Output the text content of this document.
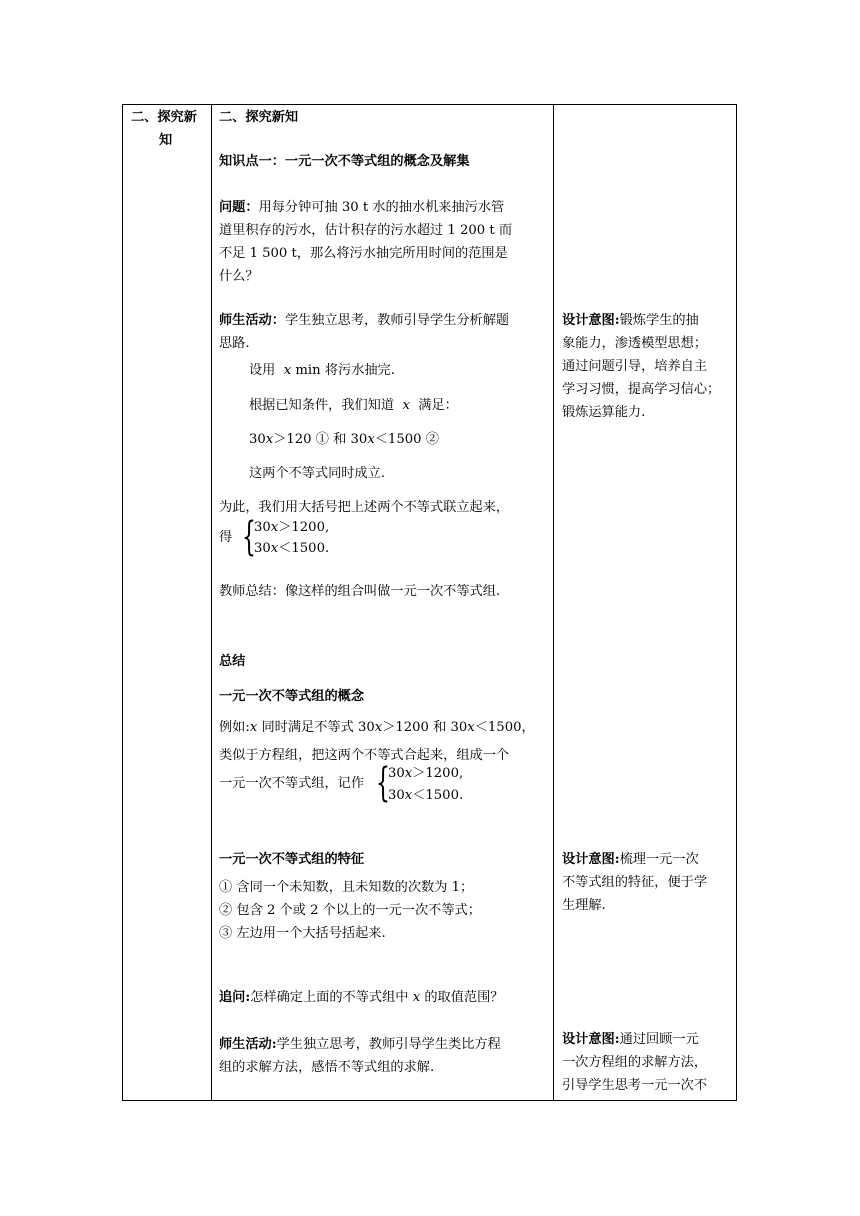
二、探究新
知
二、探究新知
知识点一：一元一次不等式组的概念及解集
问题：用每分钟可抽 30 t 水的抽水机来抽污水管
道里积存的污水，估计积存的污水超过 1 200 t 而
不足 1 500 t，那么将污水抽完所用时间的范围是
什么？
师生活动：学生独立思考，教师引导学生分析解题
思路.
设用 x min 将污水抽完.
根据已知条件，我们知道 x 满足：
30x＞120 ① 和 30x＜1500 ②
这两个不等式同时成立.
为此，我们用大括号把上述两个不等式联立起来，
得 {
30x＞1200,
30x＜1500.
教师总结：像这样的组合叫做一元一次不等式组.
总结
一元一次不等式组的概念
例如:x 同时满足不等式 30x＞1200 和 30x＜1500，
类似于方程组，把这两个不等式合起来，组成一个
一元一次不等式组，记作 {
30x＞1200,
30x＜1500.
一元一次不等式组的特征
① 含同一个未知数，且未知数的次数为 1；
② 包含 2 个或 2 个以上的一元一次不等式；
③ 左边用一个大括号括起来.
追问:怎样确定上面的不等式组中 x 的取值范围？
师生活动:学生独立思考，教师引导学生类比方程
组的求解方法，感悟不等式组的求解.
设计意图:锻炼学生的抽
象能力，渗透模型思想；
通过问题引导，培养自主
学习习惯，提高学习信心；
锻炼运算能力.
设计意图:梳理一元一次
不等式组的特征，便于学
生理解.
设计意图:通过回顾一元
一次方程组的求解方法，
引导学生思考一元一次不
